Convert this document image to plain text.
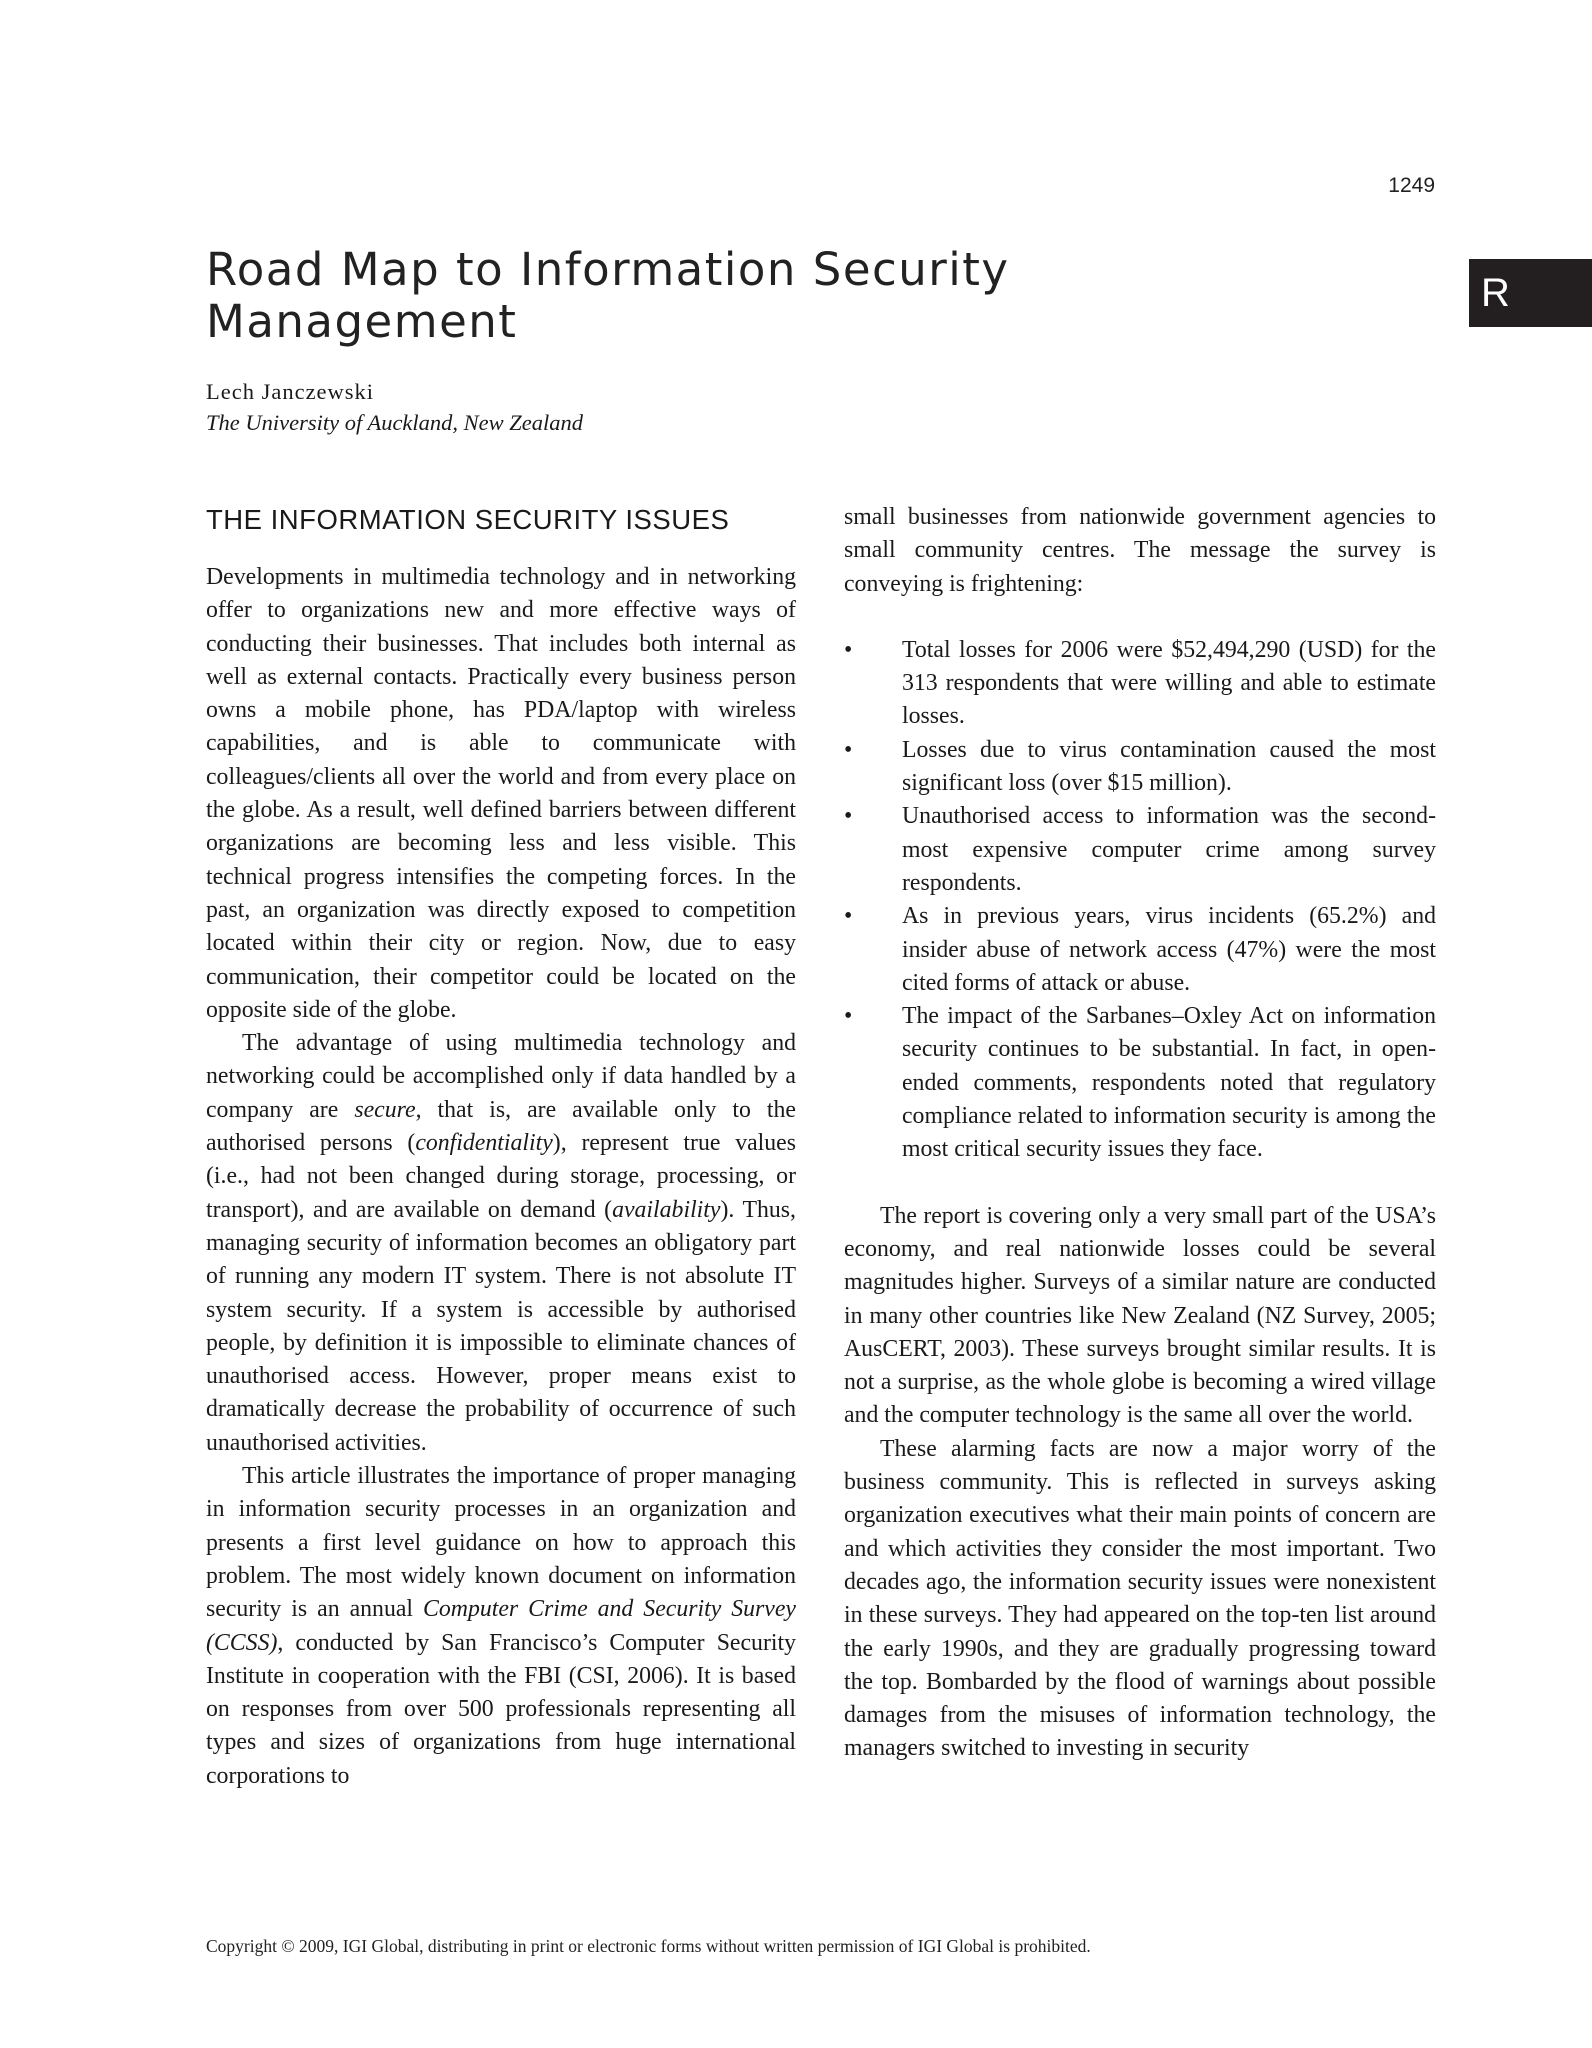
1249
R
Road Map to Information Security Management
Lech Janczewski
The University of Auckland, New Zealand
THE INFORMATION SECURITY ISSUES

Developments in multimedia technology and in networking offer to organizations new and more effective ways of conducting their businesses. That includes both internal as well as external contacts. Practically every business person owns a mobile phone, has PDA/laptop with wireless capabilities, and is able to communicate with colleagues/clients all over the world and from every place on the globe. As a result, well defined barriers between different organizations are becoming less and less visible. This technical progress intensifies the competing forces. In the past, an organization was directly exposed to competition located within their city or region. Now, due to easy communication, their competitor could be located on the opposite side of the globe.

The advantage of using multimedia technology and networking could be accomplished only if data handled by a company are secure, that is, are available only to the authorised persons (confidentiality), represent true values (i.e., had not been changed during storage, processing, or transport), and are available on demand (availability). Thus, managing security of information becomes an obligatory part of running any modern IT system. There is not absolute IT system security. If a system is accessible by authorised people, by definition it is impossible to eliminate chances of unauthorised access. However, proper means exist to dramatically decrease the probability of occurrence of such unauthorised activities.

This article illustrates the importance of proper managing in information security processes in an organization and presents a first level guidance on how to approach this problem. The most widely known document on information security is an annual Computer Crime and Security Survey (CCSS), conducted by San Francisco’s Computer Security Institute in cooperation with the FBI (CSI, 2006). It is based on responses from over 500 professionals representing all types and sizes of organizations from huge international corporations to

small businesses from nationwide government agencies to small community centres. The message the survey is conveying is frightening:

• Total losses for 2006 were $52,494,290 (USD) for the 313 respondents that were willing and able to estimate losses.
• Losses due to virus contamination caused the most significant loss (over $15 million).
• Unauthorised access to information was the second-most expensive computer crime among survey respondents.
• As in previous years, virus incidents (65.2%) and insider abuse of network access (47%) were the most cited forms of attack or abuse.
• The impact of the Sarbanes–Oxley Act on information security continues to be substantial. In fact, in open-ended comments, respondents noted that regulatory compliance related to information security is among the most critical security issues they face.

The report is covering only a very small part of the USA’s economy, and real nationwide losses could be several magnitudes higher. Surveys of a similar nature are conducted in many other countries like New Zealand (NZ Survey, 2005; AusCERT, 2003). These surveys brought similar results. It is not a surprise, as the whole globe is becoming a wired village and the computer technology is the same all over the world.

These alarming facts are now a major worry of the business community. This is reflected in surveys asking organization executives what their main points of concern are and which activities they consider the most important. Two decades ago, the information security issues were nonexistent in these surveys. They had appeared on the top-ten list around the early 1990s, and they are gradually progressing toward the top. Bombarded by the flood of warnings about possible damages from the misuses of information technology, the managers switched to investing in security

Copyright © 2009, IGI Global, distributing in print or electronic forms without written permission of IGI Global is prohibited.
